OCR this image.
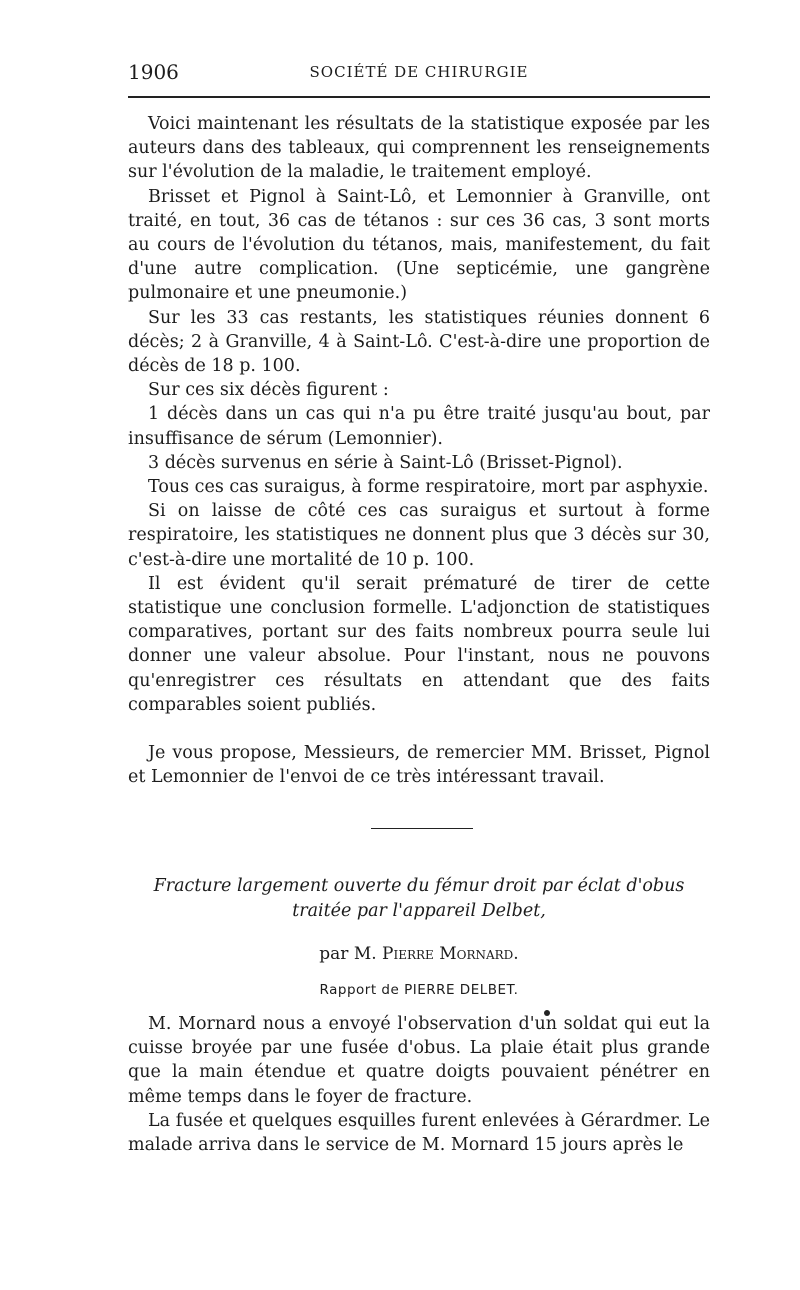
1906	SOCIÉTÉ DE CHIRURGIE

Voici maintenant les résultats de la statistique exposée par les auteurs dans des tableaux, qui comprennent les renseignements sur l'évolution de la maladie, le traitement employé.

Brisset et Pignol à Saint-Lô, et Lemonnier à Granville, ont traité, en tout, 36 cas de tétanos : sur ces 36 cas, 3 sont morts au cours de l'évolution du tétanos, mais, manifestement, du fait d'une autre complication. (Une septicémie, une gangrène pulmonaire et une pneumonie.)

Sur les 33 cas restants, les statistiques réunies donnent 6 décès; 2 à Granville, 4 à Saint-Lô. C'est-à-dire une proportion de décès de 18 p. 100.

Sur ces six décès figurent :

1 décès dans un cas qui n'a pu être traité jusqu'au bout, par insuffisance de sérum (Lemonnier).

3 décès survenus en série à Saint-Lô (Brisset-Pignol).

Tous ces cas suraigus, à forme respiratoire, mort par asphyxie.

Si on laisse de côté ces cas suraigus et surtout à forme respiratoire, les statistiques ne donnent plus que 3 décès sur 30, c'est-à-dire une mortalité de 10 p. 100.

Il est évident qu'il serait prématuré de tirer de cette statistique une conclusion formelle. L'adjonction de statistiques comparatives, portant sur des faits nombreux pourra seule lui donner une valeur absolue. Pour l'instant, nous ne pouvons qu'enregistrer ces résultats en attendant que des faits comparables soient publiés.

Je vous propose, Messieurs, de remercier MM. Brisset, Pignol et Lemonnier de l'envoi de ce très intéressant travail.

Fracture largement ouverte du fémur droit par éclat d'obus

traitée par l'appareil Delbet,

par M. Pierre Mornard.
Rapport de PIERRE DELBET.

M. Mornard nous a envoyé l'observation d'un soldat qui eut la cuisse broyée par une fusée d'obus. La plaie était plus grande que la main étendue et quatre doigts pouvaient pénétrer en même temps dans le foyer de fracture.

La fusée et quelques esquilles furent enlevées à Gérardmer. Le malade arriva dans le service de M. Mornard 15 jours après le
